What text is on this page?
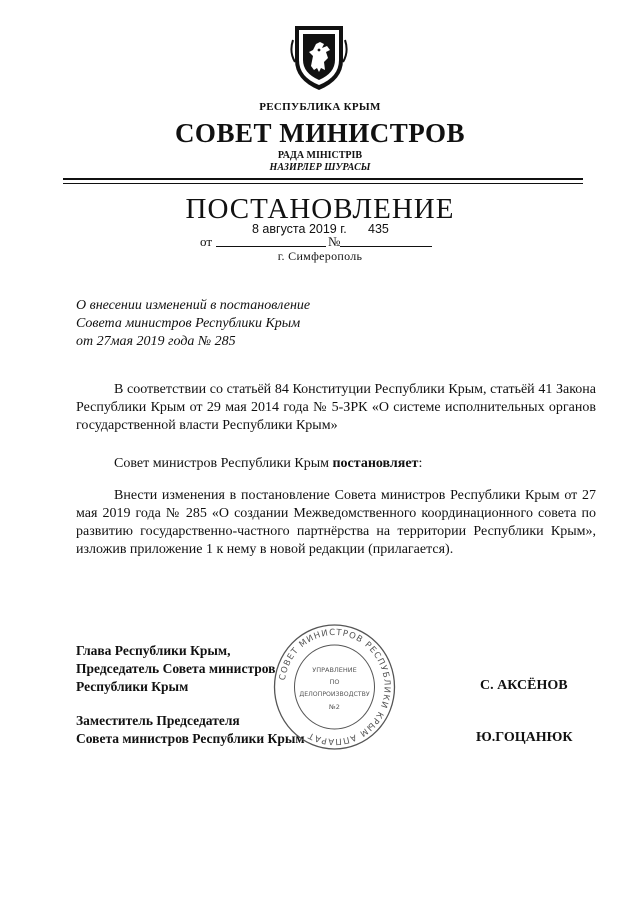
РЕСПУБЛИКА КРЫМ
СОВЕТ МИНИСТРОВ
РАДА МІНІСТРІВ
НАЗИРЛЕР ШУРАСЫ
ПОСТАНОВЛЕНИЕ
от
8 августа 2019 г.
№
435
г. Симферополь
О внесении изменений в постановление
Совета министров Республики Крым
от 27мая 2019 года № 285
В соответствии со статьёй 84 Конституции Республики Крым, статьёй 41 Закона Республики Крым от 29 мая 2014 года № 5-ЗРК «О системе исполнительных органов государственной власти Республики Крым»
Совет министров Республики Крым постановляет:
Внести изменения в постановление Совета министров Республики Крым от 27 мая 2019 года № 285 «О создании Межведомственного координационного совета по развитию государственно-частного партнёрства на территории Республики Крым», изложив приложение 1 к нему в новой редакции (прилагается).
Глава Республики Крым,
Председатель Совета министров
Республики Крым	С. АКСЁНОВ
Заместитель Председателя
Совета министров Республики Крым	Ю.ГОЦАНЮК
СОВЕТ МИНИСТРОВ РЕСПУБЛИКИ КРЫМ АППАРАТ
УПРАВЛЕНИЕ
ПО
ДЕЛОПРОИЗВОДСТВУ
№2
